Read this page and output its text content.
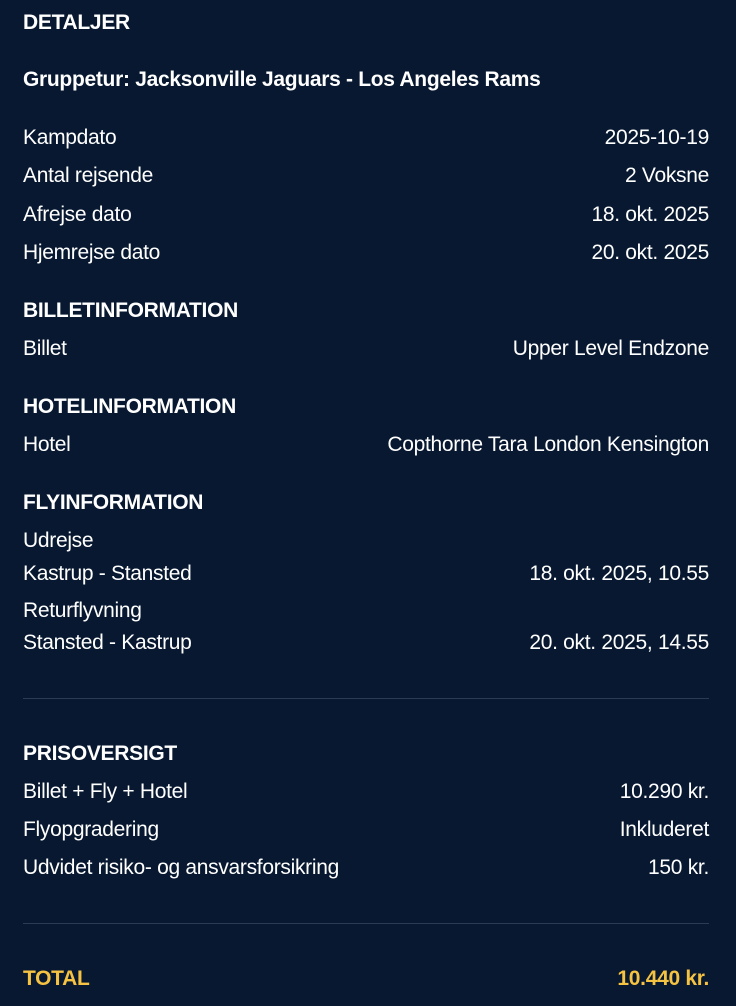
DETALJER
Gruppetur: Jacksonville Jaguars - Los Angeles Rams
Kampdato	2025-10-19
Antal rejsende	2 Voksne
Afrejse dato	18. okt. 2025
Hjemrejse dato	20. okt. 2025
BILLETINFORMATION
Billet	Upper Level Endzone
HOTELINFORMATION
Hotel	Copthorne Tara London Kensington
FLYINFORMATION
Udrejse
Kastrup - Stansted	18. okt. 2025, 10.55
Returflyvning
Stansted - Kastrup	20. okt. 2025, 14.55
PRISOVERSIGT
Billet + Fly + Hotel	10.290 kr.
Flyopgradering	Inkluderet
Udvidet risiko- og ansvarsforsikring	150 kr.
TOTAL	10.440 kr.
